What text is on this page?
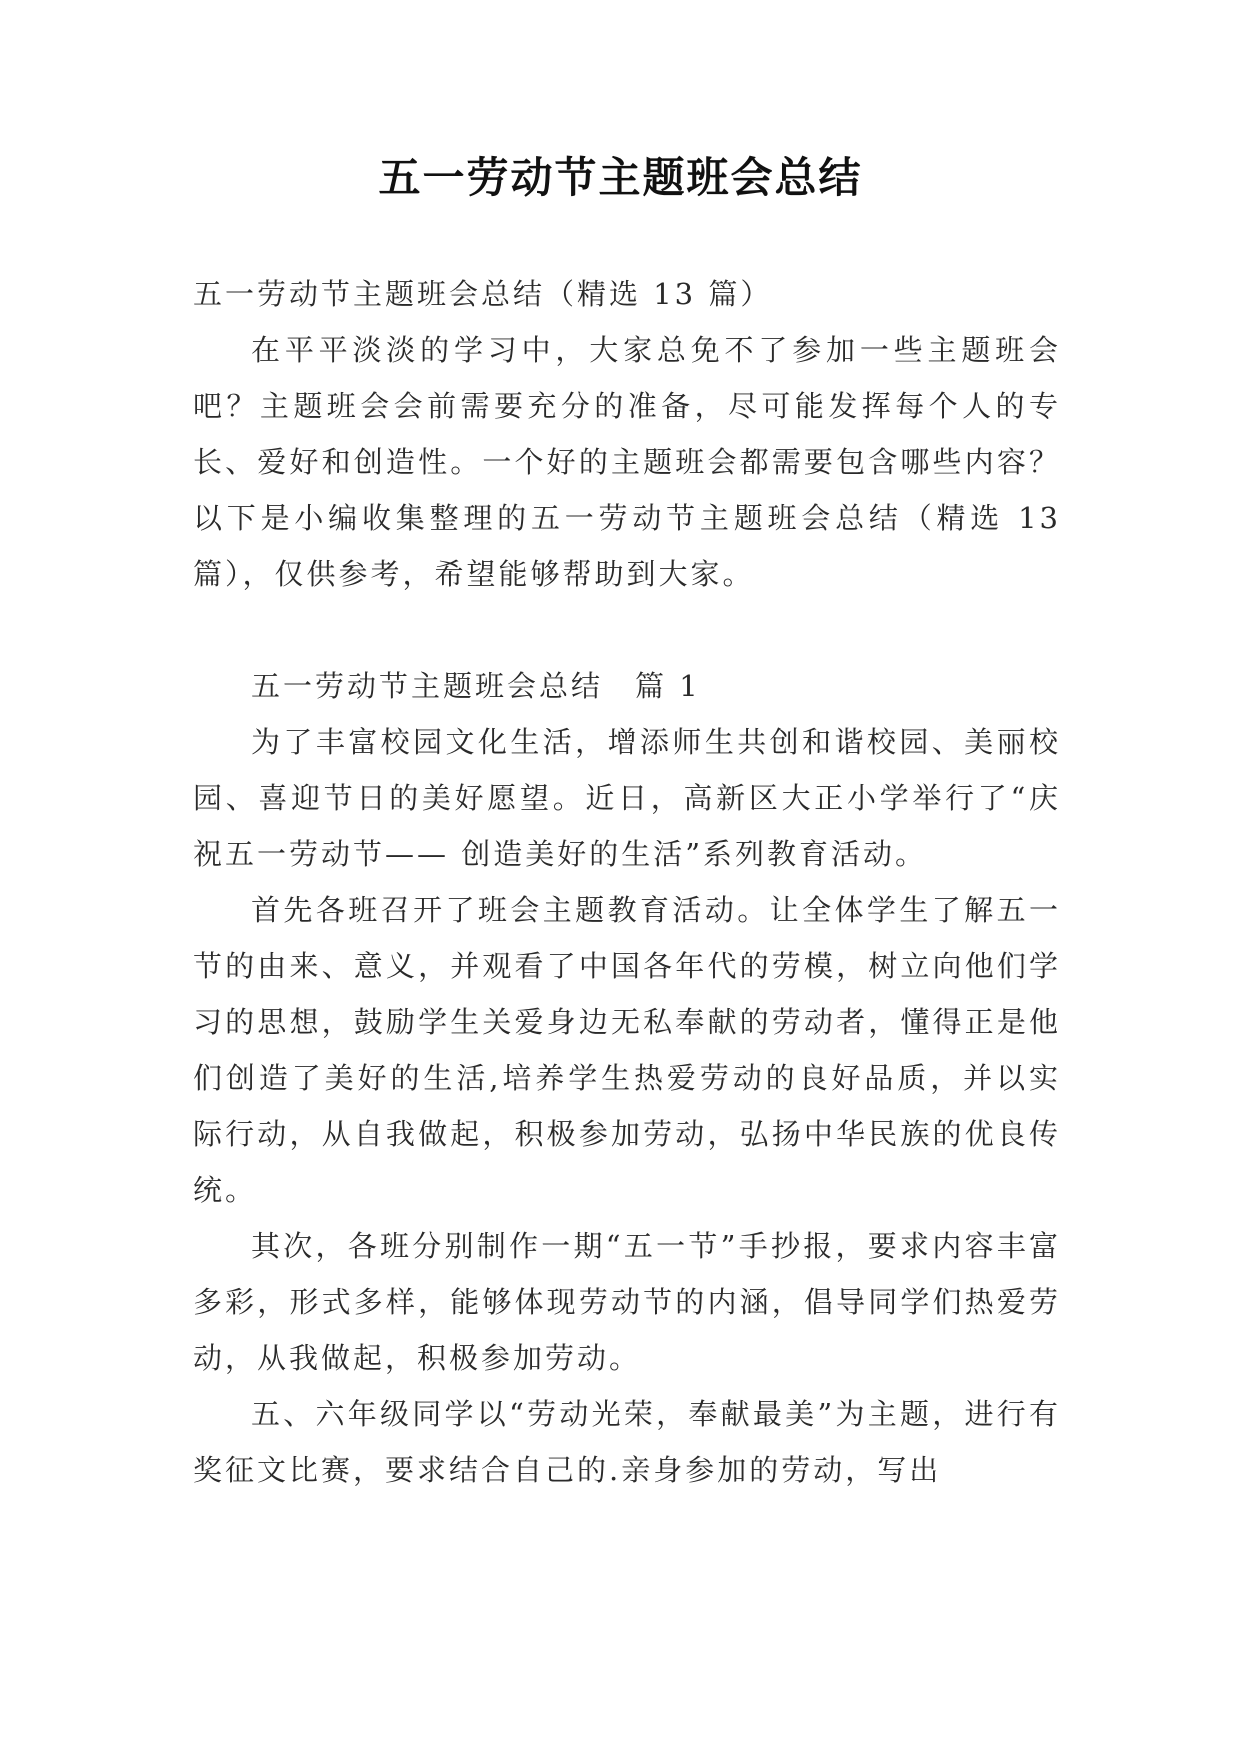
五一劳动节主题班会总结

五一劳动节主题班会总结（精选 13 篇）

在平平淡淡的学习中，大家总免不了参加一些主题班会吧？主题班会会前需要充分的准备，尽可能发挥每个人的专长、爱好和创造性。一个好的主题班会都需要包含哪些内容？以下是小编收集整理的五一劳动节主题班会总结（精选 13 篇），仅供参考，希望能够帮助到大家。

五一劳动节主题班会总结　篇 1

为了丰富校园文化生活，增添师生共创和谐校园、美丽校园、喜迎节日的美好愿望。近日，高新区大正小学举行了“庆祝五一劳动节—— 创造美好的生活”系列教育活动。

首先各班召开了班会主题教育活动。让全体学生了解五一节的由来、意义，并观看了中国各年代的劳模，树立向他们学习的思想，鼓励学生关爱身边无私奉献的劳动者，懂得正是他们创造了美好的生活,培养学生热爱劳动的良好品质，并以实际行动，从自我做起，积极参加劳动，弘扬中华民族的优良传统。

其次，各班分别制作一期“五一节”手抄报，要求内容丰富多彩，形式多样，能够体现劳动节的内涵，倡导同学们热爱劳动，从我做起，积极参加劳动。

五、六年级同学以“劳动光荣，奉献最美”为主题，进行有奖征文比赛，要求结合自己的.亲身参加的劳动，写出
